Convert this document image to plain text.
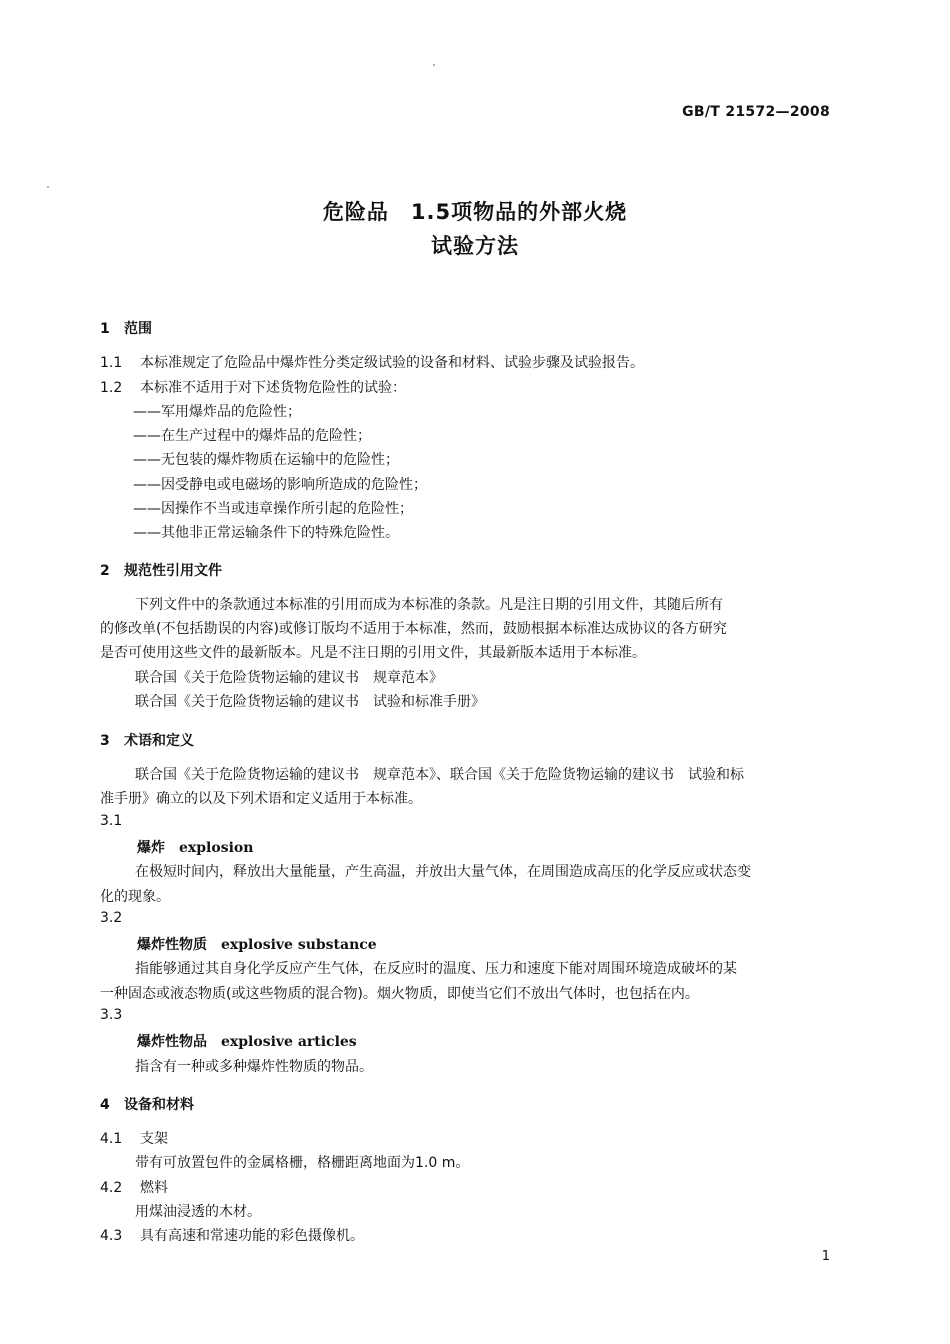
GB/T 21572—2008
危险品　1.5项物品的外部火烧
试验方法
1 范围
1.1 本标准规定了危险品中爆炸性分类定级试验的设备和材料、试验步骤及试验报告。
1.2 本标准不适用于对下述货物危险性的试验：
——军用爆炸品的危险性；
——在生产过程中的爆炸品的危险性；
——无包装的爆炸物质在运输中的危险性；
——因受静电或电磁场的影响所造成的危险性；
——因操作不当或违章操作所引起的危险性；
——其他非正常运输条件下的特殊危险性。
2 规范性引用文件
下列文件中的条款通过本标准的引用而成为本标准的条款。凡是注日期的引用文件，其随后所有
的修改单(不包括勘误的内容)或修订版均不适用于本标准，然而，鼓励根据本标准达成协议的各方研究
是否可使用这些文件的最新版本。凡是不注日期的引用文件，其最新版本适用于本标准。
联合国《关于危险货物运输的建议书　规章范本》
联合国《关于危险货物运输的建议书　试验和标准手册》
3 术语和定义
联合国《关于危险货物运输的建议书　规章范本》、联合国《关于危险货物运输的建议书　试验和标
准手册》确立的以及下列术语和定义适用于本标准。
3.1
爆炸 explosion
在极短时间内，释放出大量能量，产生高温，并放出大量气体，在周围造成高压的化学反应或状态变
化的现象。
3.2
爆炸性物质 explosive substance
指能够通过其自身化学反应产生气体，在反应时的温度、压力和速度下能对周围环境造成破坏的某
一种固态或液态物质(或这些物质的混合物)。烟火物质，即使当它们不放出气体时，也包括在内。
3.3
爆炸性物品 explosive articles
指含有一种或多种爆炸性物质的物品。
4 设备和材料
4.1 支架
带有可放置包件的金属格栅，格栅距离地面为1.0 m。
4.2 燃料
用煤油浸透的木材。
4.3 具有高速和常速功能的彩色摄像机。
1
